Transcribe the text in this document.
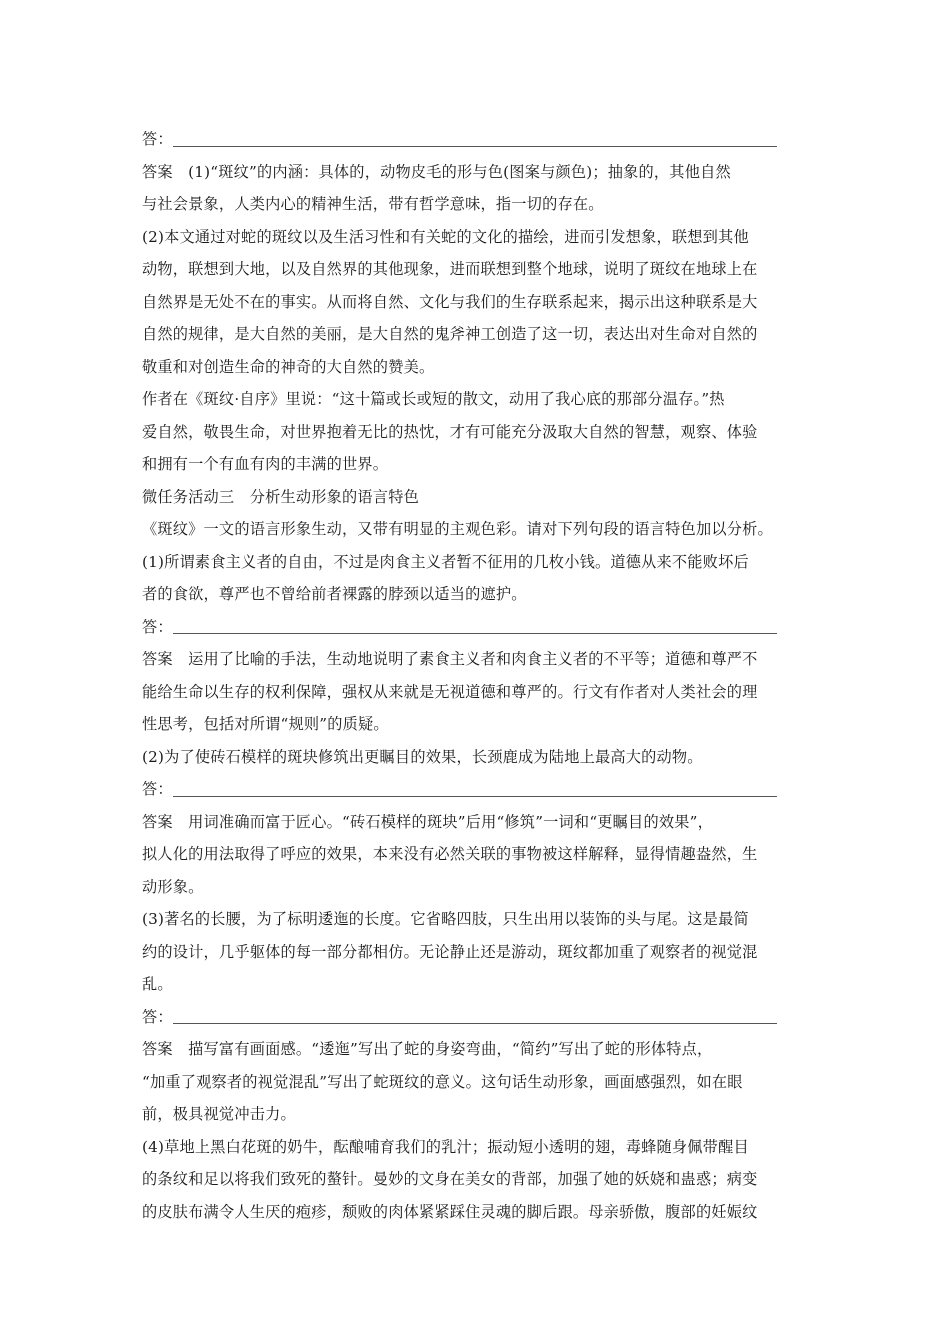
答：
答案　(1)“斑纹”的内涵：具体的，动物皮毛的形与色(图案与颜色)；抽象的，其他自然
与社会景象，人类内心的精神生活，带有哲学意味，指一切的存在。
(2)本文通过对蛇的斑纹以及生活习性和有关蛇的文化的描绘，进而引发想象，联想到其他
动物，联想到大地，以及自然界的其他现象，进而联想到整个地球，说明了斑纹在地球上在
自然界是无处不在的事实。从而将自然、文化与我们的生存联系起来，揭示出这种联系是大
自然的规律，是大自然的美丽，是大自然的鬼斧神工创造了这一切，表达出对生命对自然的
敬重和对创造生命的神奇的大自然的赞美。
作者在《斑纹·自序》里说：“这十篇或长或短的散文，动用了我心底的那部分温存。”热
爱自然，敬畏生命，对世界抱着无比的热忱，才有可能充分汲取大自然的智慧，观察、体验
和拥有一个有血有肉的丰满的世界。
微任务活动三　分析生动形象的语言特色
《斑纹》一文的语言形象生动，又带有明显的主观色彩。请对下列句段的语言特色加以分析。
(1)所谓素食主义者的自由，不过是肉食主义者暂不征用的几枚小钱。道德从来不能败坏后
者的食欲，尊严也不曾给前者裸露的脖颈以适当的遮护。
答：
答案　运用了比喻的手法，生动地说明了素食主义者和肉食主义者的不平等；道德和尊严不
能给生命以生存的权利保障，强权从来就是无视道德和尊严的。行文有作者对人类社会的理
性思考，包括对所谓“规则”的质疑。
(2)为了使砖石模样的斑块修筑出更瞩目的效果，长颈鹿成为陆地上最高大的动物。
答：
答案　用词准确而富于匠心。“砖石模样的斑块”后用“修筑”一词和“更瞩目的效果”，
拟人化的用法取得了呼应的效果，本来没有必然关联的事物被这样解释，显得情趣盎然，生
动形象。
(3)著名的长腰，为了标明逶迤的长度。它省略四肢，只生出用以装饰的头与尾。这是最简
约的设计，几乎躯体的每一部分都相仿。无论静止还是游动，斑纹都加重了观察者的视觉混
乱。
答：
答案　描写富有画面感。“逶迤”写出了蛇的身姿弯曲，“简约”写出了蛇的形体特点，
“加重了观察者的视觉混乱”写出了蛇斑纹的意义。这句话生动形象，画面感强烈，如在眼
前，极具视觉冲击力。
(4)草地上黑白花斑的奶牛，酝酿哺育我们的乳汁；振动短小透明的翅，毒蜂随身佩带醒目
的条纹和足以将我们致死的螯针。曼妙的文身在美女的背部，加强了她的妖娆和蛊惑；病变
的皮肤布满令人生厌的疱疹，颓败的肉体紧紧踩住灵魂的脚后跟。母亲骄傲，腹部的妊娠纹
